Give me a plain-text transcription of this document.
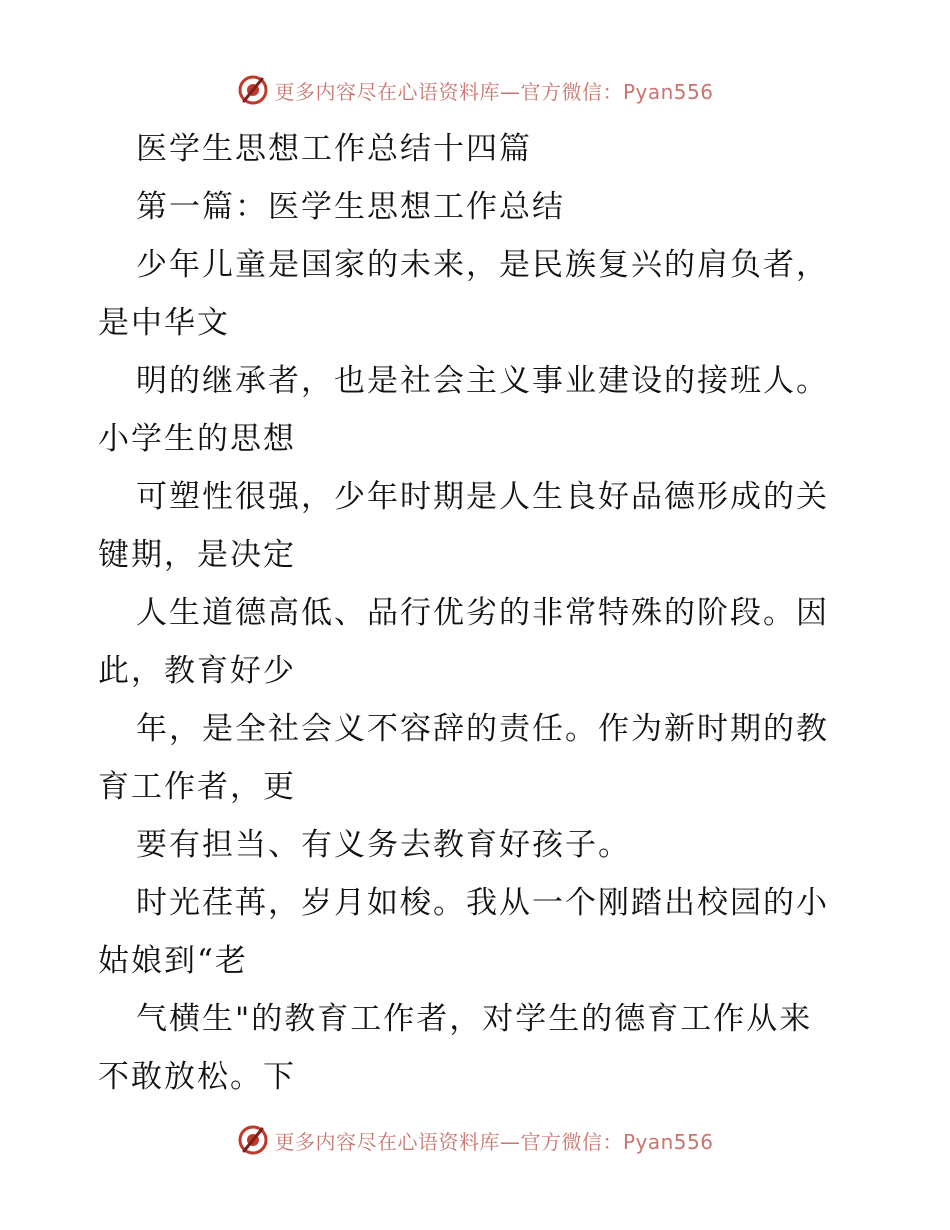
更多内容尽在心语资料库—官方微信：Pyan556
医学生思想工作总结十四篇
第一篇：医学生思想工作总结
少年儿童是国家的未来，是民族复兴的肩负者，
是中华文
明的继承者，也是社会主义事业建设的接班人。
小学生的思想
可塑性很强，少年时期是人生良好品德形成的关
键期，是决定
人生道德高低、品行优劣的非常特殊的阶段。因
此，教育好少
年，是全社会义不容辞的责任。作为新时期的教
育工作者，更
要有担当、有义务去教育好孩子。
时光荏苒，岁月如梭。我从一个刚踏出校园的小
姑娘到“老
气横生"的教育工作者，对学生的德育工作从来
不敢放松。下
更多内容尽在心语资料库—官方微信：Pyan556
